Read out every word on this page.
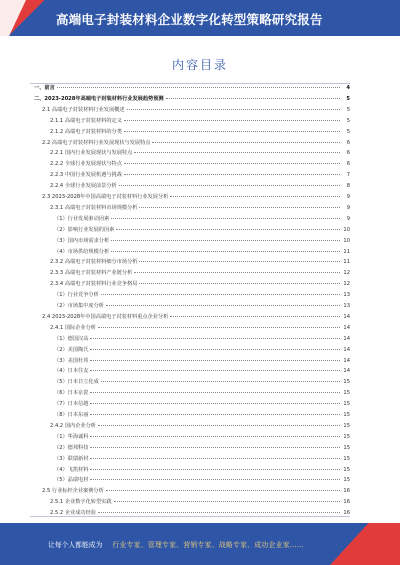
高端电子封装材料企业数字化转型策略研究报告
内容目录
一、前言	4
二、2023-2028年高端电子封装材料行业发展趋势预测	5
2.1 高端电子封装材料行业发展概述	5
2.1.1 高端电子封装材料的定义	5
2.1.2 高端电子封装材料的分类	5
2.2 高端电子封装材料行业发展现状与发展特点	6
2.2.1 国内行业发展现状与发展特点	6
2.2.2 全球行业发展现状与特点	6
2.2.3 中国行业发展机遇与挑战	7
2.2.4 全球行业发展前景分析	8
2.3 2023-2028年中国高端电子封装材料行业发展分析	9
2.3.1 高端电子封装材料市场规模分析	9
（1）行业发展驱动因素	9
（2）影响行业发展的因素	10
（3）国内市场需求分析	10
（4）市场供给规模分析	11
2.3.2 高端电子封装材料细分市场分析	11
2.3.3 高端电子封装材料产业链分析	12
2.3.4 高端电子封装材料行业竞争格局	12
（1）行业竞争分析	13
（2）市场集中度分析	13
2.4 2023-2028年中国高端电子封装材料重点企业分析	14
2.4.1 国际企业分析	14
（1）德国汉高	14
（2）美国陶氏	14
（3）美国杜邦	14
（4）日本住友	14
（5）日本日立化成	15
（6）日本京瓷	15
（7）日本信越	15
（8）日本东丽	15
2.4.2 国内企业分析	15
（1）华海诚科	15
（2）德邦科技	15
（3）联瑞新材	15
（4）飞凯材料	15
（5）晶瑞电材	15
2.5 行业标杆企业案例分析	16
2.5.1 企业数字化转型实践	16
2.5.2 企业成功经验	16
让每个人都能成为 行业专家、管理专家、营销专家、战略专家、成功企业家……
